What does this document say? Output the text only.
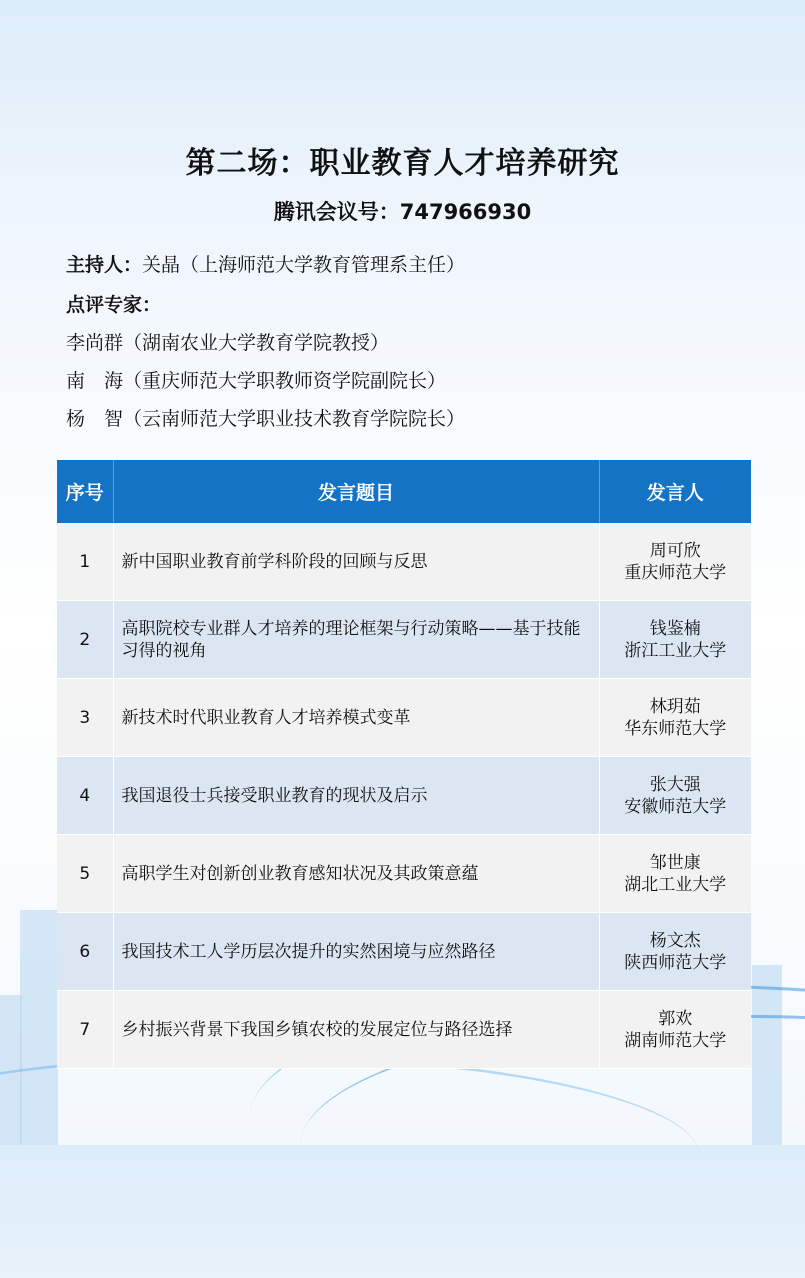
第二场：职业教育人才培养研究
腾讯会议号：747966930
主持人：关晶（上海师范大学教育管理系主任）
点评专家：
李尚群（湖南农业大学教育学院教授）
南　海（重庆师范大学职教师资学院副院长）
杨　智（云南师范大学职业技术教育学院院长）
序号	发言题目	发言人
1	新中国职业教育前学科阶段的回顾与反思	周可欣
重庆师范大学

2	高职院校专业群人才培养的理论框架与行动策略——基于技能习得的视角	钱鉴楠
浙江工业大学

3	新技术时代职业教育人才培养模式变革	林玥茹
华东师范大学

4	我国退役士兵接受职业教育的现状及启示	张大强
安徽师范大学

5	高职学生对创新创业教育感知状况及其政策意蕴	邹世康
湖北工业大学

6	我国技术工人学历层次提升的实然困境与应然路径	杨文杰
陕西师范大学

7	乡村振兴背景下我国乡镇农校的发展定位与路径选择	郭欢
湖南师范大学
